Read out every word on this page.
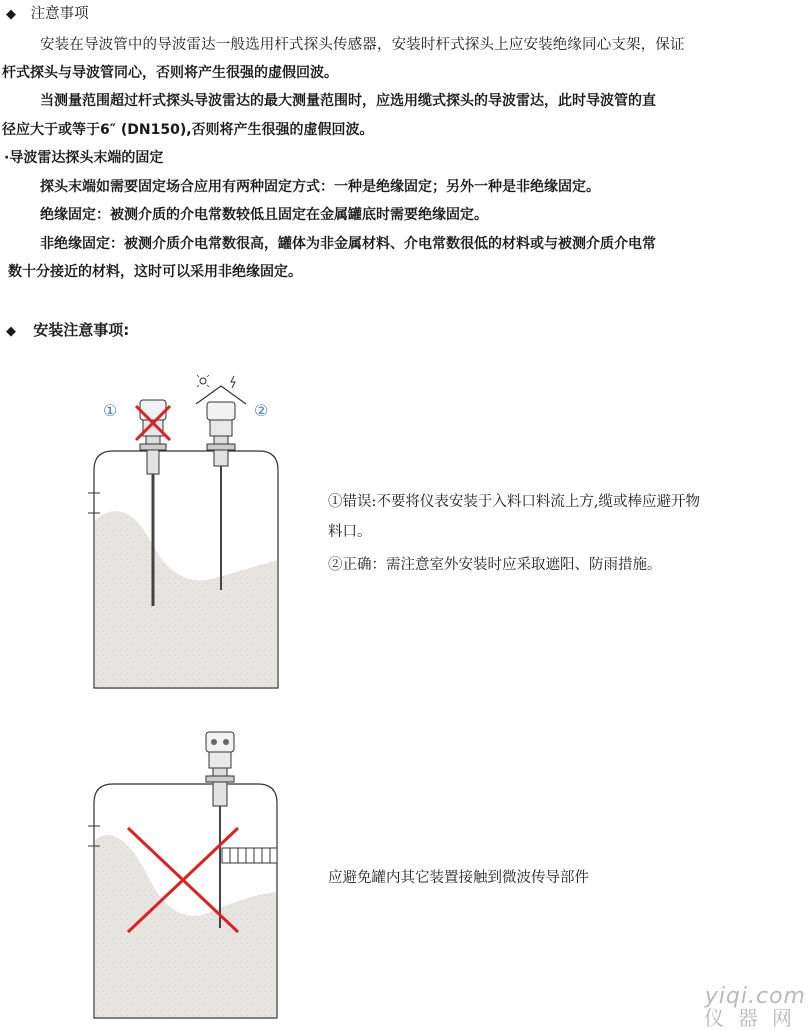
◆ 注意事项
安装在导波管中的导波雷达一般选用杆式探头传感器，安装时杆式探头上应安装绝缘同心支架，保证
杆式探头与导波管同心，否则将产生很强的虚假回波。
当测量范围超过杆式探头导波雷达的最大测量范围时，应选用缆式探头的导波雷达，此时导波管的直
径应大于或等于6″ (DN150),否则将产生很强的虚假回波。
·导波雷达探头末端的固定
探头末端如需要固定场合应用有两种固定方式：一种是绝缘固定；另外一种是非绝缘固定。
绝缘固定：被测介质的介电常数较低且固定在金属罐底时需要绝缘固定。
非绝缘固定：被测介质介电常数很高，罐体为非金属材料、介电常数很低的材料或与被测介质介电常
数十分接近的材料，这时可以采用非绝缘固定。
◆ 安装注意事项:
①	②
①错误:不要将仪表安装于入料口料流上方,缆或棒应避开物
料口。
②正确：需注意室外安装时应采取遮阳、防雨措施。
应避免罐内其它装置接触到微波传导部件
yiqi.com
仪器网
